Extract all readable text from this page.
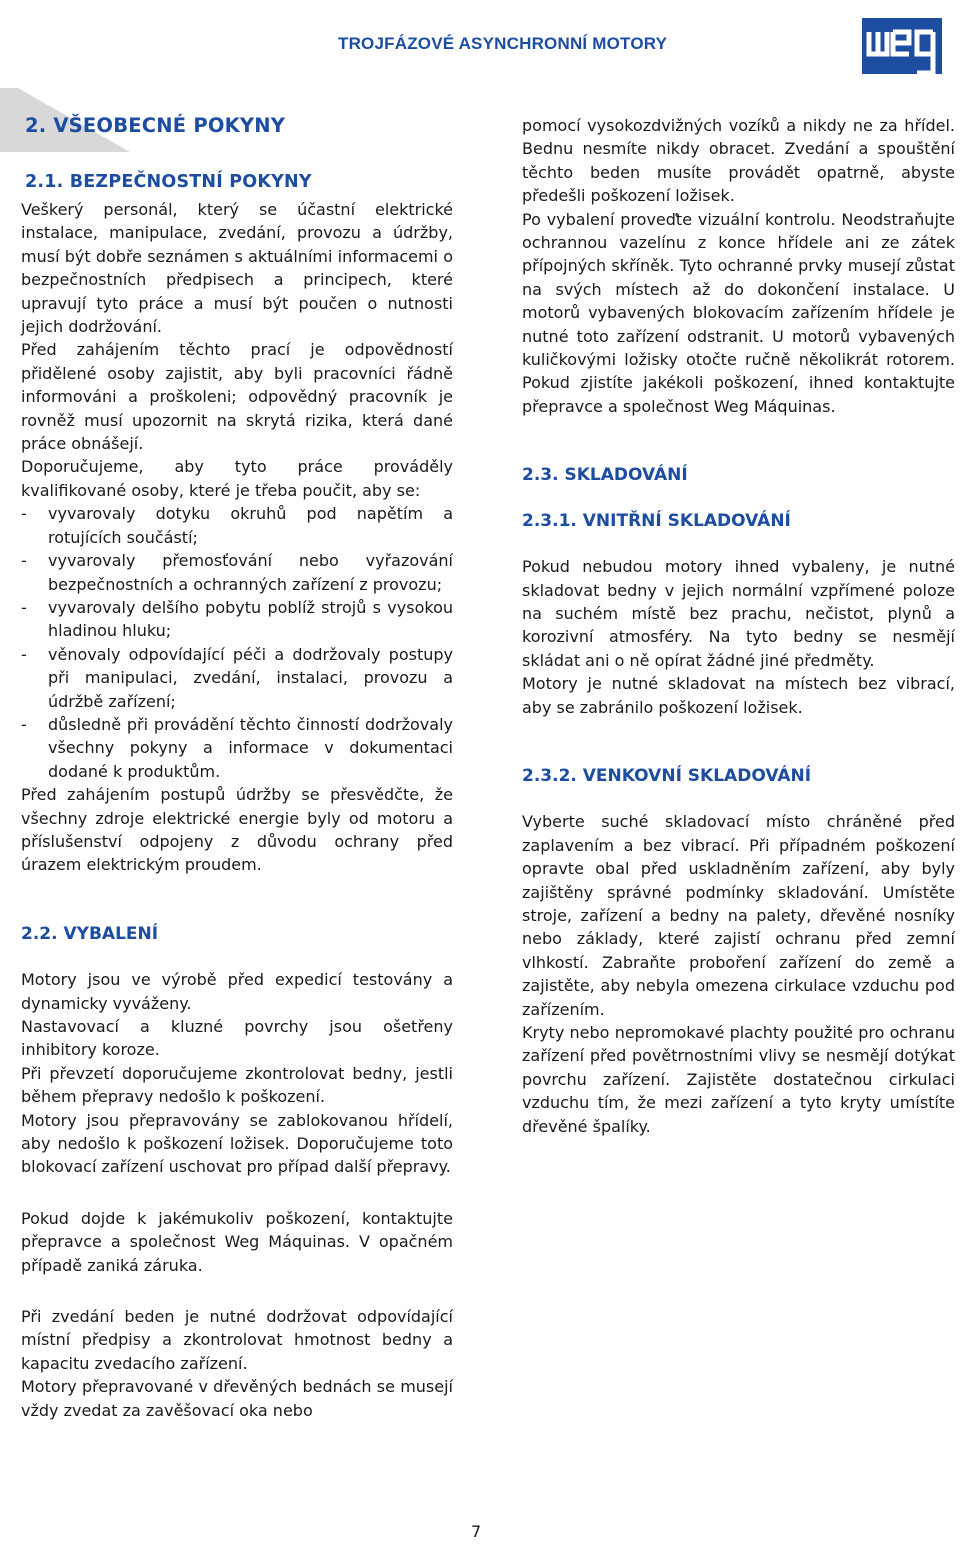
TROJFÁZOVÉ ASYNCHRONNÍ MOTORY
2. VŠEOBECNÉ POKYNY
2.1. BEZPEČNOSTNÍ POKYNY

Veškerý personál, který se účastní elektrické instalace, manipulace, zvedání, provozu a údržby, musí být dobře seznámen s aktuálními informacemi o bezpečnostních předpisech a principech, které upravují tyto práce a musí být poučen o nutnosti jejich dodržování.

Před zahájením těchto prací je odpovědností přidělené osoby zajistit, aby byli pracovníci řádně informováni a proškoleni; odpovědný pracovník je rovněž musí upozornit na skrytá rizika, která dané práce obnášejí.

Doporučujeme, aby tyto práce prováděly kvalifikované osoby, které je třeba poučit, aby se:

- vyvarovaly dotyku okruhů pod napětím a rotujících součástí;
- vyvarovaly přemosťování nebo vyřazování bezpečnostních a ochranných zařízení z provozu;
- vyvarovaly delšího pobytu poblíž strojů s vysokou hladinou hluku;
- věnovaly odpovídající péči a dodržovaly postupy při manipulaci, zvedání, instalaci, provozu a údržbě zařízení;
- důsledně při provádění těchto činností dodržovaly všechny pokyny a informace v dokumentaci dodané k produktům.

Před zahájením postupů údržby se přesvědčte, že všechny zdroje elektrické energie byly od motoru a příslušenství odpojeny z důvodu ochrany před úrazem elektrickým proudem.

2.2. VYBALENÍ

Motory jsou ve výrobě před expedicí testovány a dynamicky vyváženy.

Nastavovací a kluzné povrchy jsou ošetřeny inhibitory koroze.

Při převzetí doporučujeme zkontrolovat bedny, jestli během přepravy nedošlo k poškození.

Motory jsou přepravovány se zablokovanou hřídelí, aby nedošlo k poškození ložisek. Doporučujeme toto blokovací zařízení uschovat pro případ další přepravy.

Pokud dojde k jakémukoliv poškození, kontaktujte přepravce a společnost Weg Máquinas. V opačném případě zaniká záruka.

Při zvedání beden je nutné dodržovat odpovídající místní předpisy a zkontrolovat hmotnost bedny a kapacitu zvedacího zařízení.

Motory přepravované v dřevěných bednách se musejí vždy zvedat za zavěšovací oka nebo

pomocí vysokozdvižných vozíků a nikdy ne za hřídel. Bednu nesmíte nikdy obracet. Zvedání a spouštění těchto beden musíte provádět opatrně, abyste předešli poškození ložisek.

Po vybalení proveďte vizuální kontrolu. Neodstraňujte ochrannou vazelínu z konce hřídele ani ze zátek přípojných skříněk. Tyto ochranné prvky musejí zůstat na svých místech až do dokončení instalace. U motorů vybavených blokovacím zařízením hřídele je nutné toto zařízení odstranit. U motorů vybavených kuličkovými ložisky otočte ručně několikrát rotorem. Pokud zjistíte jakékoli poškození, ihned kontaktujte přepravce a společnost Weg Máquinas.

2.3. SKLADOVÁNÍ

2.3.1. VNITŘNÍ SKLADOVÁNÍ

Pokud nebudou motory ihned vybaleny, je nutné skladovat bedny v jejich normální vzpřímené poloze na suchém místě bez prachu, nečistot, plynů a korozivní atmosféry. Na tyto bedny se nesmějí skládat ani o ně opírat žádné jiné předměty.

Motory je nutné skladovat na místech bez vibrací, aby se zabránilo poškození ložisek.

2.3.2. VENKOVNÍ SKLADOVÁNÍ

Vyberte suché skladovací místo chráněné před zaplavením a bez vibrací. Při případném poškození opravte obal před uskladněním zařízení, aby byly zajištěny správné podmínky skladování. Umístěte stroje, zařízení a bedny na palety, dřevěné nosníky nebo základy, které zajistí ochranu před zemní vlhkostí. Zabraňte proboření zařízení do země a zajistěte, aby nebyla omezena cirkulace vzduchu pod zařízením.

Kryty nebo nepromokavé plachty použité pro ochranu zařízení před povětrnostními vlivy se nesmějí dotýkat povrchu zařízení. Zajistěte dostatečnou cirkulaci vzduchu tím, že mezi zařízení a tyto kryty umístíte dřevěné špalíky.

7
